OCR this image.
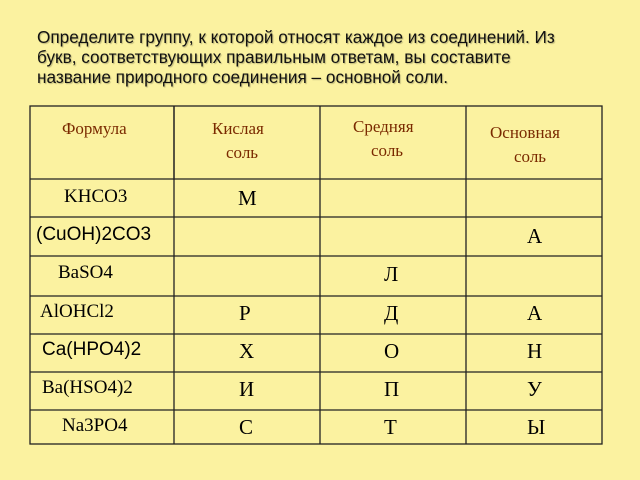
Определите группу, к которой относят каждое из соединений. Из
букв, соответствующих правильным ответам, вы составите
название природного соединения – основной соли.
Формула	Кислая
соль
Средняя
соль
Основная
соль
KHCO3
(CuOH)2CO3
BaSO4
AlOHCl2
Ca(HPO4)2
Ba(HSO4)2
Na3PO4
М
Р
Х
И
С
Л
Д
О
П
Т
А
А
Н
У
Ы
